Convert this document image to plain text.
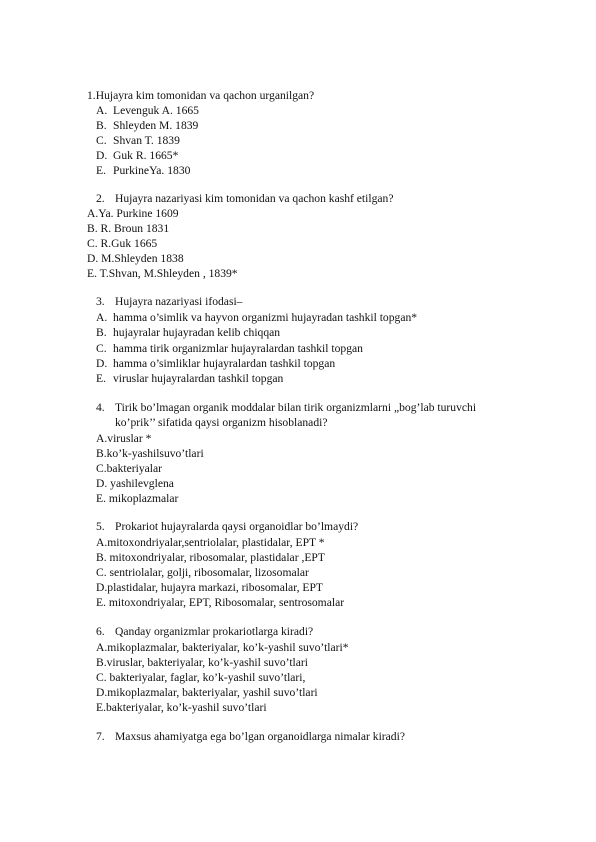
1.Hujayra kim tomonidan va qachon urganilgan?
A. Levenguk A. 1665
B. Shleyden M. 1839
C. Shvan T. 1839
D. Guk R. 1665*
E. PurkineYa. 1830
2. Hujayra nazariyasi kim tomonidan va qachon kashf etilgan?
A.Ya. Purkine 1609
B. R. Broun 1831
C. R.Guk 1665
D. M.Shleyden 1838
E. T.Shvan, M.Shleyden , 1839*
3. Hujayra nazariyasi ifodasi–
A. hamma o’simlik va hayvon organizmi hujayradan tashkil topgan*
B. hujayralar hujayradan kelib chiqqan
C. hamma tirik organizmlar hujayralardan tashkil topgan
D. hamma o’simliklar hujayralardan tashkil topgan
E. viruslar hujayralardan tashkil topgan
4. Tirik bo’lmagan organik moddalar bilan tirik organizmlarni „bog’lab turuvchi
ko’prik’’ sifatida qaysi organizm hisoblanadi?
A.viruslar *
B.ko’k-yashilsuvo’tlari
C.bakteriyalar
D. yashilevglena
E. mikoplazmalar
5. Prokariot hujayralarda qaysi organoidlar bo’lmaydi?
A.mitoxondriyalar,sentriolalar, plastidalar, EPT *
B. mitoxondriyalar, ribosomalar, plastidalar ,EPT
C. sentriolalar, golji, ribosomalar, lizosomalar
D.plastidalar, hujayra markazi, ribosomalar, EPT
E. mitoxondriyalar, EPT, Ribosomalar, sentrosomalar
6. Qanday organizmlar prokariotlarga kiradi?
A.mikoplazmalar, bakteriyalar, ko’k-yashil suvo’tlari*
B.viruslar, bakteriyalar, ko’k-yashil suvo’tlari
C. bakteriyalar, faglar, ko’k-yashil suvo’tlari,
D.mikoplazmalar, bakteriyalar, yashil suvo’tlari
E.bakteriyalar, ko’k-yashil suvo’tlari
7. Maxsus ahamiyatga ega bo’lgan organoidlarga nimalar kiradi?
